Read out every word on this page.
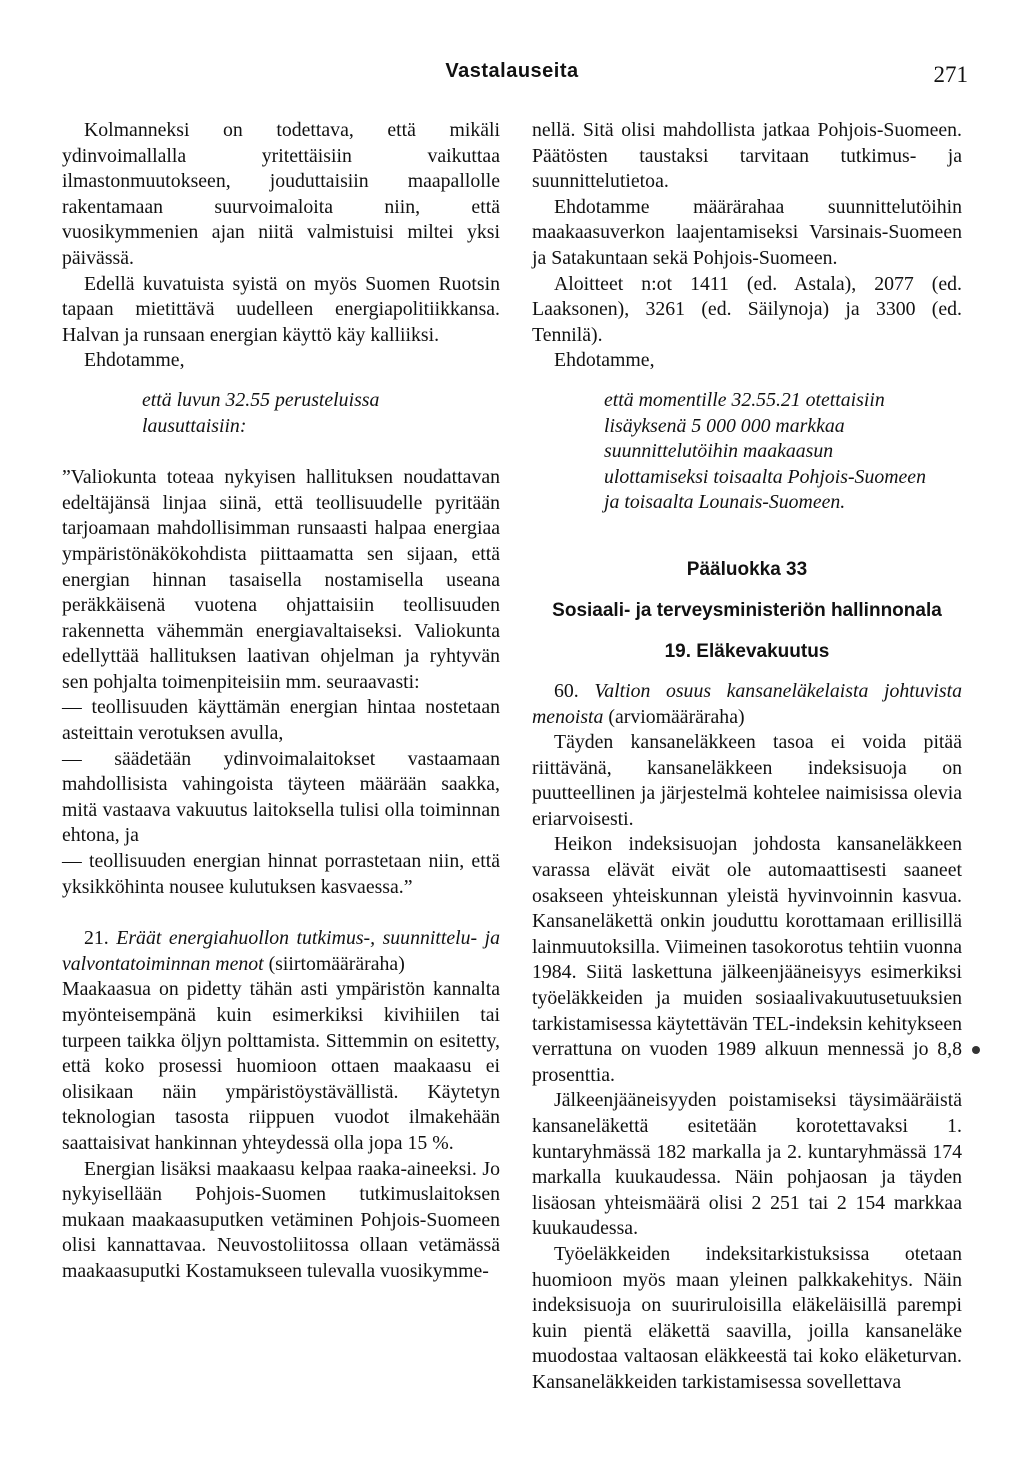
Vastalauseita	271

Kolmanneksi on todettava, että mikäli ydinvoimallalla yritettäisiin vaikuttaa ilmastonmuutokseen, jouduttaisiin maapallolle rakentamaan suurvoimaloita niin, että vuosikymmenien ajan niitä valmistuisi miltei yksi päivässä.

Edellä kuvatuista syistä on myös Suomen Ruotsin tapaan mietittävä uudelleen energiapolitiikkansa. Halvan ja runsaan energian käyttö käy kalliiksi.

Ehdotamme,

että luvun 32.55 perusteluissa lausuttaisiin:

”Valiokunta toteaa nykyisen hallituksen noudattavan edeltäjänsä linjaa siinä, että teollisuudelle pyritään tarjoamaan mahdollisimman runsaasti halpaa energiaa ympäristönäkökohdista piittaamatta sen sijaan, että energian hinnan tasaisella nostamisella useana peräkkäisenä vuotena ohjattaisiin teollisuuden rakennetta vähemmän energiavaltaiseksi. Valiokunta edellyttää hallituksen laativan ohjelman ja ryhtyvän sen pohjalta toimenpiteisiin mm. seuraavasti:

— teollisuuden käyttämän energian hintaa nostetaan asteittain verotuksen avulla,

— säädetään ydinvoimalaitokset vastaamaan mahdollisista vahingoista täyteen määrään saakka, mitä vastaava vakuutus laitoksella tulisi olla toiminnan ehtona, ja

— teollisuuden energian hinnat porrastetaan niin, että yksikköhinta nousee kulutuksen kasvaessa.”

21. Eräät energiahuollon tutkimus-, suunnittelu- ja valvontatoiminnan menot (siirtomääräraha)

Maakaasua on pidetty tähän asti ympäristön kannalta myönteisempänä kuin esimerkiksi kivihiilen tai turpeen taikka öljyn polttamista. Sittemmin on esitetty, että koko prosessi huomioon ottaen maakaasu ei olisikaan näin ympäristöystävällistä. Käytetyn teknologian tasosta riippuen vuodot ilmakehään saattaisivat hankinnan yhteydessä olla jopa 15 %.

Energian lisäksi maakaasu kelpaa raaka-aineeksi. Jo nykyisellään Pohjois-Suomen tutkimuslaitoksen mukaan maakaasuputken vetäminen Pohjois-Suomeen olisi kannattavaa. Neuvostoliitossa ollaan vetämässä maakaasuputki Kostamukseen tulevalla vuosikymme-

nellä. Sitä olisi mahdollista jatkaa Pohjois-Suomeen. Päätösten taustaksi tarvitaan tutkimus- ja suunnittelutietoa.

Ehdotamme määrärahaa suunnittelutöihin maakaasuverkon laajentamiseksi Varsinais-Suomeen ja Satakuntaan sekä Pohjois-Suomeen.

Aloitteet n:ot 1411 (ed. Astala), 2077 (ed. Laaksonen), 3261 (ed. Säilynoja) ja 3300 (ed. Tennilä).

Ehdotamme,

että momentille 32.55.21 otettaisiin lisäyksenä 5 000 000 markkaa suunnittelutöihin maakaasun ulottamiseksi toisaalta Pohjois-Suomeen ja toisaalta Lounais-Suomeen.

Pääluokka 33

Sosiaali- ja terveysministeriön hallinnonala

19. Eläkevakuutus

60. Valtion osuus kansaneläkelaista johtuvista menoista (arviomääräraha)

Täyden kansaneläkkeen tasoa ei voida pitää riittävänä, kansaneläkkeen indeksisuoja on puutteellinen ja järjestelmä kohtelee naimisissa olevia eriarvoisesti.

Heikon indeksisuojan johdosta kansaneläkkeen varassa elävät eivät ole automaattisesti saaneet osakseen yhteiskunnan yleistä hyvinvoinnin kasvua. Kansaneläkettä onkin jouduttu korottamaan erillisillä lainmuutoksilla. Viimeinen tasokorotus tehtiin vuonna 1984. Siitä laskettuna jälkeenjääneisyys esimerkiksi työeläkkeiden ja muiden sosiaalivakuutusetuuksien tarkistamisessa käytettävän TEL-indeksin kehitykseen verrattuna on vuoden 1989 alkuun mennessä jo 8,8 prosenttia.

Jälkeenjääneisyyden poistamiseksi täysimääräistä kansaneläkettä esitetään korotettavaksi 1. kuntaryhmässä 182 markalla ja 2. kuntaryhmässä 174 markalla kuukaudessa. Näin pohjaosan ja täyden lisäosan yhteismäärä olisi 2 251 tai 2 154 markkaa kuukaudessa.

Työeläkkeiden indeksitarkistuksissa otetaan huomioon myös maan yleinen palkkakehitys. Näin indeksisuoja on suuriruloisilla eläkeläisillä parempi kuin pientä eläkettä saavilla, joilla kansaneläke muodostaa valtaosan eläkkeestä tai koko eläketurvan. Kansaneläkkeiden tarkistamisessa sovellettava
